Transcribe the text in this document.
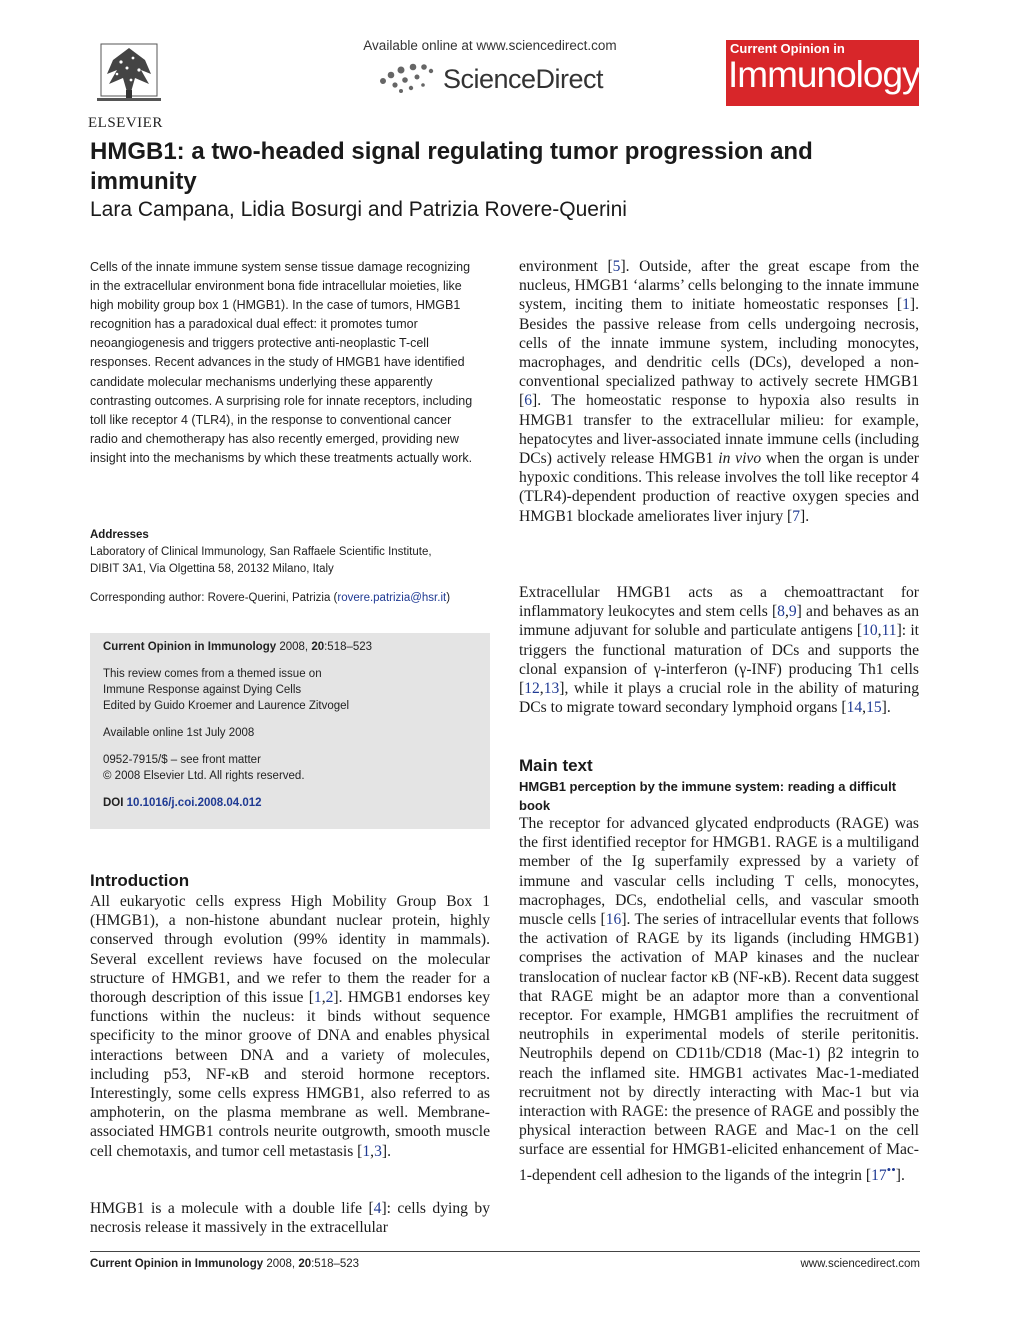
ELSEVIER
Available online at www.sciencedirect.com
ScienceDirect
Current Opinion in
Immunology
HMGB1: a two-headed signal regulating tumor progression and immunity
Lara Campana, Lidia Bosurgi and Patrizia Rovere-Querini

Cells of the innate immune system sense tissue damage recognizing in the extracellular environment bona fide intracellular moieties, like high mobility group box 1 (HMGB1). In the case of tumors, HMGB1 recognition has a paradoxical dual effect: it promotes tumor neoangiogenesis and triggers protective anti-neoplastic T-cell responses. Recent advances in the study of HMGB1 have identified candidate molecular mechanisms underlying these apparently contrasting outcomes. A surprising role for innate receptors, including toll like receptor 4 (TLR4), in the response to conventional cancer radio and chemotherapy has also recently emerged, providing new insight into the mechanisms by which these treatments actually work.

Addresses
Laboratory of Clinical Immunology, San Raffaele Scientific Institute,
DIBIT 3A1, Via Olgettina 58, 20132 Milano, Italy
Corresponding author: Rovere-Querini, Patrizia (rovere.patrizia@hsr.it)
Current Opinion in Immunology 2008, 20:518–523
This review comes from a themed issue on
Immune Response against Dying Cells
Edited by Guido Kroemer and Laurence Zitvogel
Available online 1st July 2008
0952-7915/$ – see front matter
© 2008 Elsevier Ltd. All rights reserved.
DOI 10.1016/j.coi.2008.04.012
Introduction

All eukaryotic cells express High Mobility Group Box 1 (HMGB1), a non-histone abundant nuclear protein, highly conserved through evolution (99% identity in mammals). Several excellent reviews have focused on the molecular structure of HMGB1, and we refer to them the reader for a thorough description of this issue [1,2]. HMGB1 endorses key functions within the nucleus: it binds without sequence specificity to the minor groove of DNA and enables physical interactions between DNA and a variety of molecules, including p53, NF-κB and steroid hormone receptors. Interestingly, some cells express HMGB1, also referred to as amphoterin, on the plasma membrane as well. Membrane-associated HMGB1 controls neurite outgrowth, smooth muscle cell chemotaxis, and tumor cell metastasis [1,3].

HMGB1 is a molecule with a double life [4]: cells dying by necrosis release it massively in the extracellular

environment [5]. Outside, after the great escape from the nucleus, HMGB1 ‘alarms’ cells belonging to the innate immune system, inciting them to initiate homeostatic responses [1]. Besides the passive release from cells undergoing necrosis, cells of the innate immune system, including monocytes, macrophages, and dendritic cells (DCs), developed a non-conventional specialized pathway to actively secrete HMGB1 [6]. The homeostatic response to hypoxia also results in HMGB1 transfer to the extracellular milieu: for example, hepatocytes and liver-associated innate immune cells (including DCs) actively release HMGB1 in vivo when the organ is under hypoxic conditions. This release involves the toll like receptor 4 (TLR4)-dependent production of reactive oxygen species and HMGB1 blockade ameliorates liver injury [7].

Extracellular HMGB1 acts as a chemoattractant for inflammatory leukocytes and stem cells [8,9] and behaves as an immune adjuvant for soluble and particulate antigens [10,11]: it triggers the functional maturation of DCs and supports the clonal expansion of γ-interferon (γ-INF) producing Th1 cells [12,13], while it plays a crucial role in the ability of maturing DCs to migrate toward secondary lymphoid organs [14,15].

Main text
HMGB1 perception by the immune system: reading a difficult book

The receptor for advanced glycated endproducts (RAGE) was the first identified receptor for HMGB1. RAGE is a multiligand member of the Ig superfamily expressed by a variety of immune and vascular cells including T cells, monocytes, macrophages, DCs, endothelial cells, and vascular smooth muscle cells [16]. The series of intracellular events that follows the activation of RAGE by its ligands (including HMGB1) comprises the activation of MAP kinases and the nuclear translocation of nuclear factor κB (NF-κB). Recent data suggest that RAGE might be an adaptor more than a conventional receptor. For example, HMGB1 amplifies the recruitment of neutrophils in experimental models of sterile peritonitis. Neutrophils depend on CD11b/CD18 (Mac-1) β2 integrin to reach the inflamed site. HMGB1 activates Mac-1-mediated recruitment not by directly interacting with Mac-1 but via interaction with RAGE: the presence of RAGE and possibly the physical interaction between RAGE and Mac-1 on the cell surface are essential for HMGB1-elicited enhancement of Mac-1-dependent cell adhesion to the ligands of the integrin [17••].

Current Opinion in Immunology 2008, 20:518–523	www.sciencedirect.com
